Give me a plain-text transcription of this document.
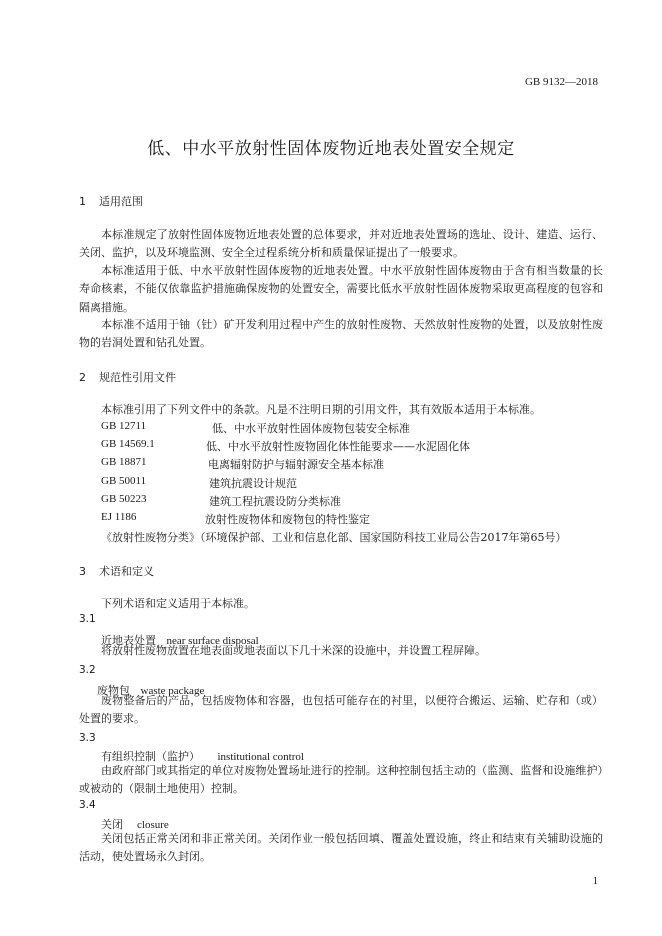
GB 9132—2018
低、中水平放射性固体废物近地表处置安全规定
1 适用范围
本标准规定了放射性固体废物近地表处置的总体要求，并对近地表处置场的选址、设计、建造、运行、关闭、监护，以及环境监测、安全全过程系统分析和质量保证提出了一般要求。
本标准适用于低、中水平放射性固体废物的近地表处置。中水平放射性固体废物由于含有相当数量的长寿命核素，不能仅依靠监护措施确保废物的处置安全，需要比低水平放射性固体废物采取更高程度的包容和隔离措施。
本标准不适用于铀（钍）矿开发利用过程中产生的放射性废物、天然放射性废物的处置，以及放射性废物的岩洞处置和钻孔处置。
2 规范性引用文件
本标准引用了下列文件中的条款。凡是不注明日期的引用文件，其有效版本适用于本标准。
GB 12711	低、中水平放射性固体废物包装安全标准
GB 14569.1	低、中水平放射性废物固化体性能要求——水泥固化体
GB 18871	电离辐射防护与辐射源安全基本标准
GB 50011	建筑抗震设计规范
GB 50223	建筑工程抗震设防分类标准
EJ 1186	放射性废物体和废物包的特性鉴定
《放射性废物分类》（环境保护部、工业和信息化部、国家国防科技工业局公告2017年第65号）
3 术语和定义
下列术语和定义适用于本标准。
3.1
近地表处置 near surface disposal
将放射性废物放置在地表面或地表面以下几十米深的设施中，并设置工程屏障。
3.2
废物包 waste package
废物整备后的产品，包括废物体和容器，也包括可能存在的衬里，以便符合搬运、运输、贮存和（或）处置的要求。
3.3
有组织控制（监护） institutional control
由政府部门或其指定的单位对废物处置场址进行的控制。这种控制包括主动的（监测、监督和设施维护）或被动的（限制土地使用）控制。
3.4
关闭 closure
关闭包括正常关闭和非正常关闭。关闭作业一般包括回填、覆盖处置设施，终止和结束有关辅助设施的活动，使处置场永久封闭。
1
